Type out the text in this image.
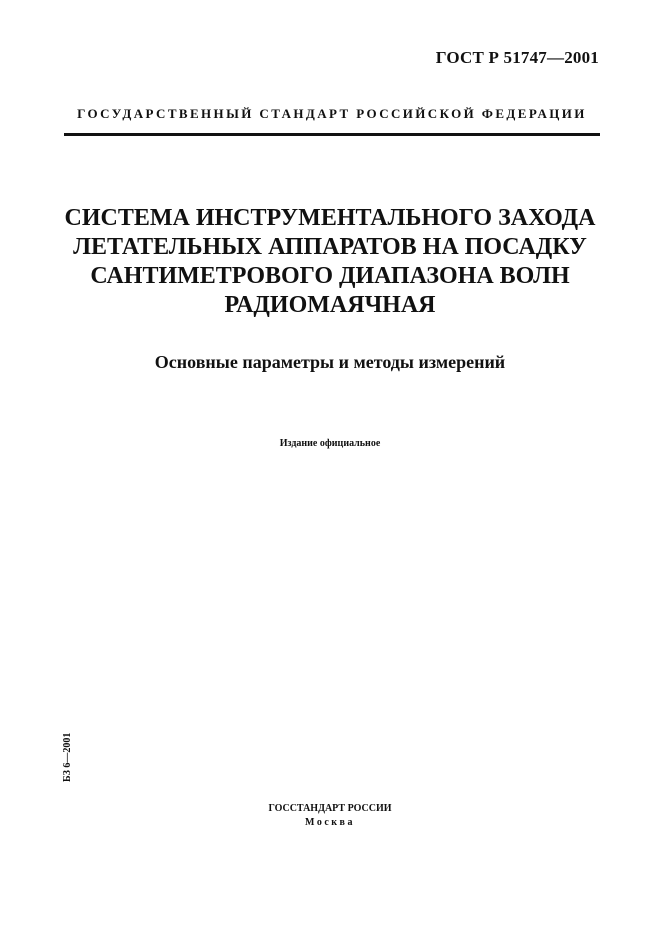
ГОСТ Р 51747—2001
ГОСУДАРСТВЕННЫЙ СТАНДАРТ РОССИЙСКОЙ ФЕДЕРАЦИИ
СИСТЕМА ИНСТРУМЕНТАЛЬНОГО ЗАХОДА
ЛЕТАТЕЛЬНЫХ АППАРАТОВ НА ПОСАДКУ
САНТИМЕТРОВОГО ДИАПАЗОНА ВОЛН
РАДИОМАЯЧНАЯ
Основные параметры и методы измерений
Издание официальное
БЗ 6—2001
ГОССТАНДАРТ РОССИИ
Москва
